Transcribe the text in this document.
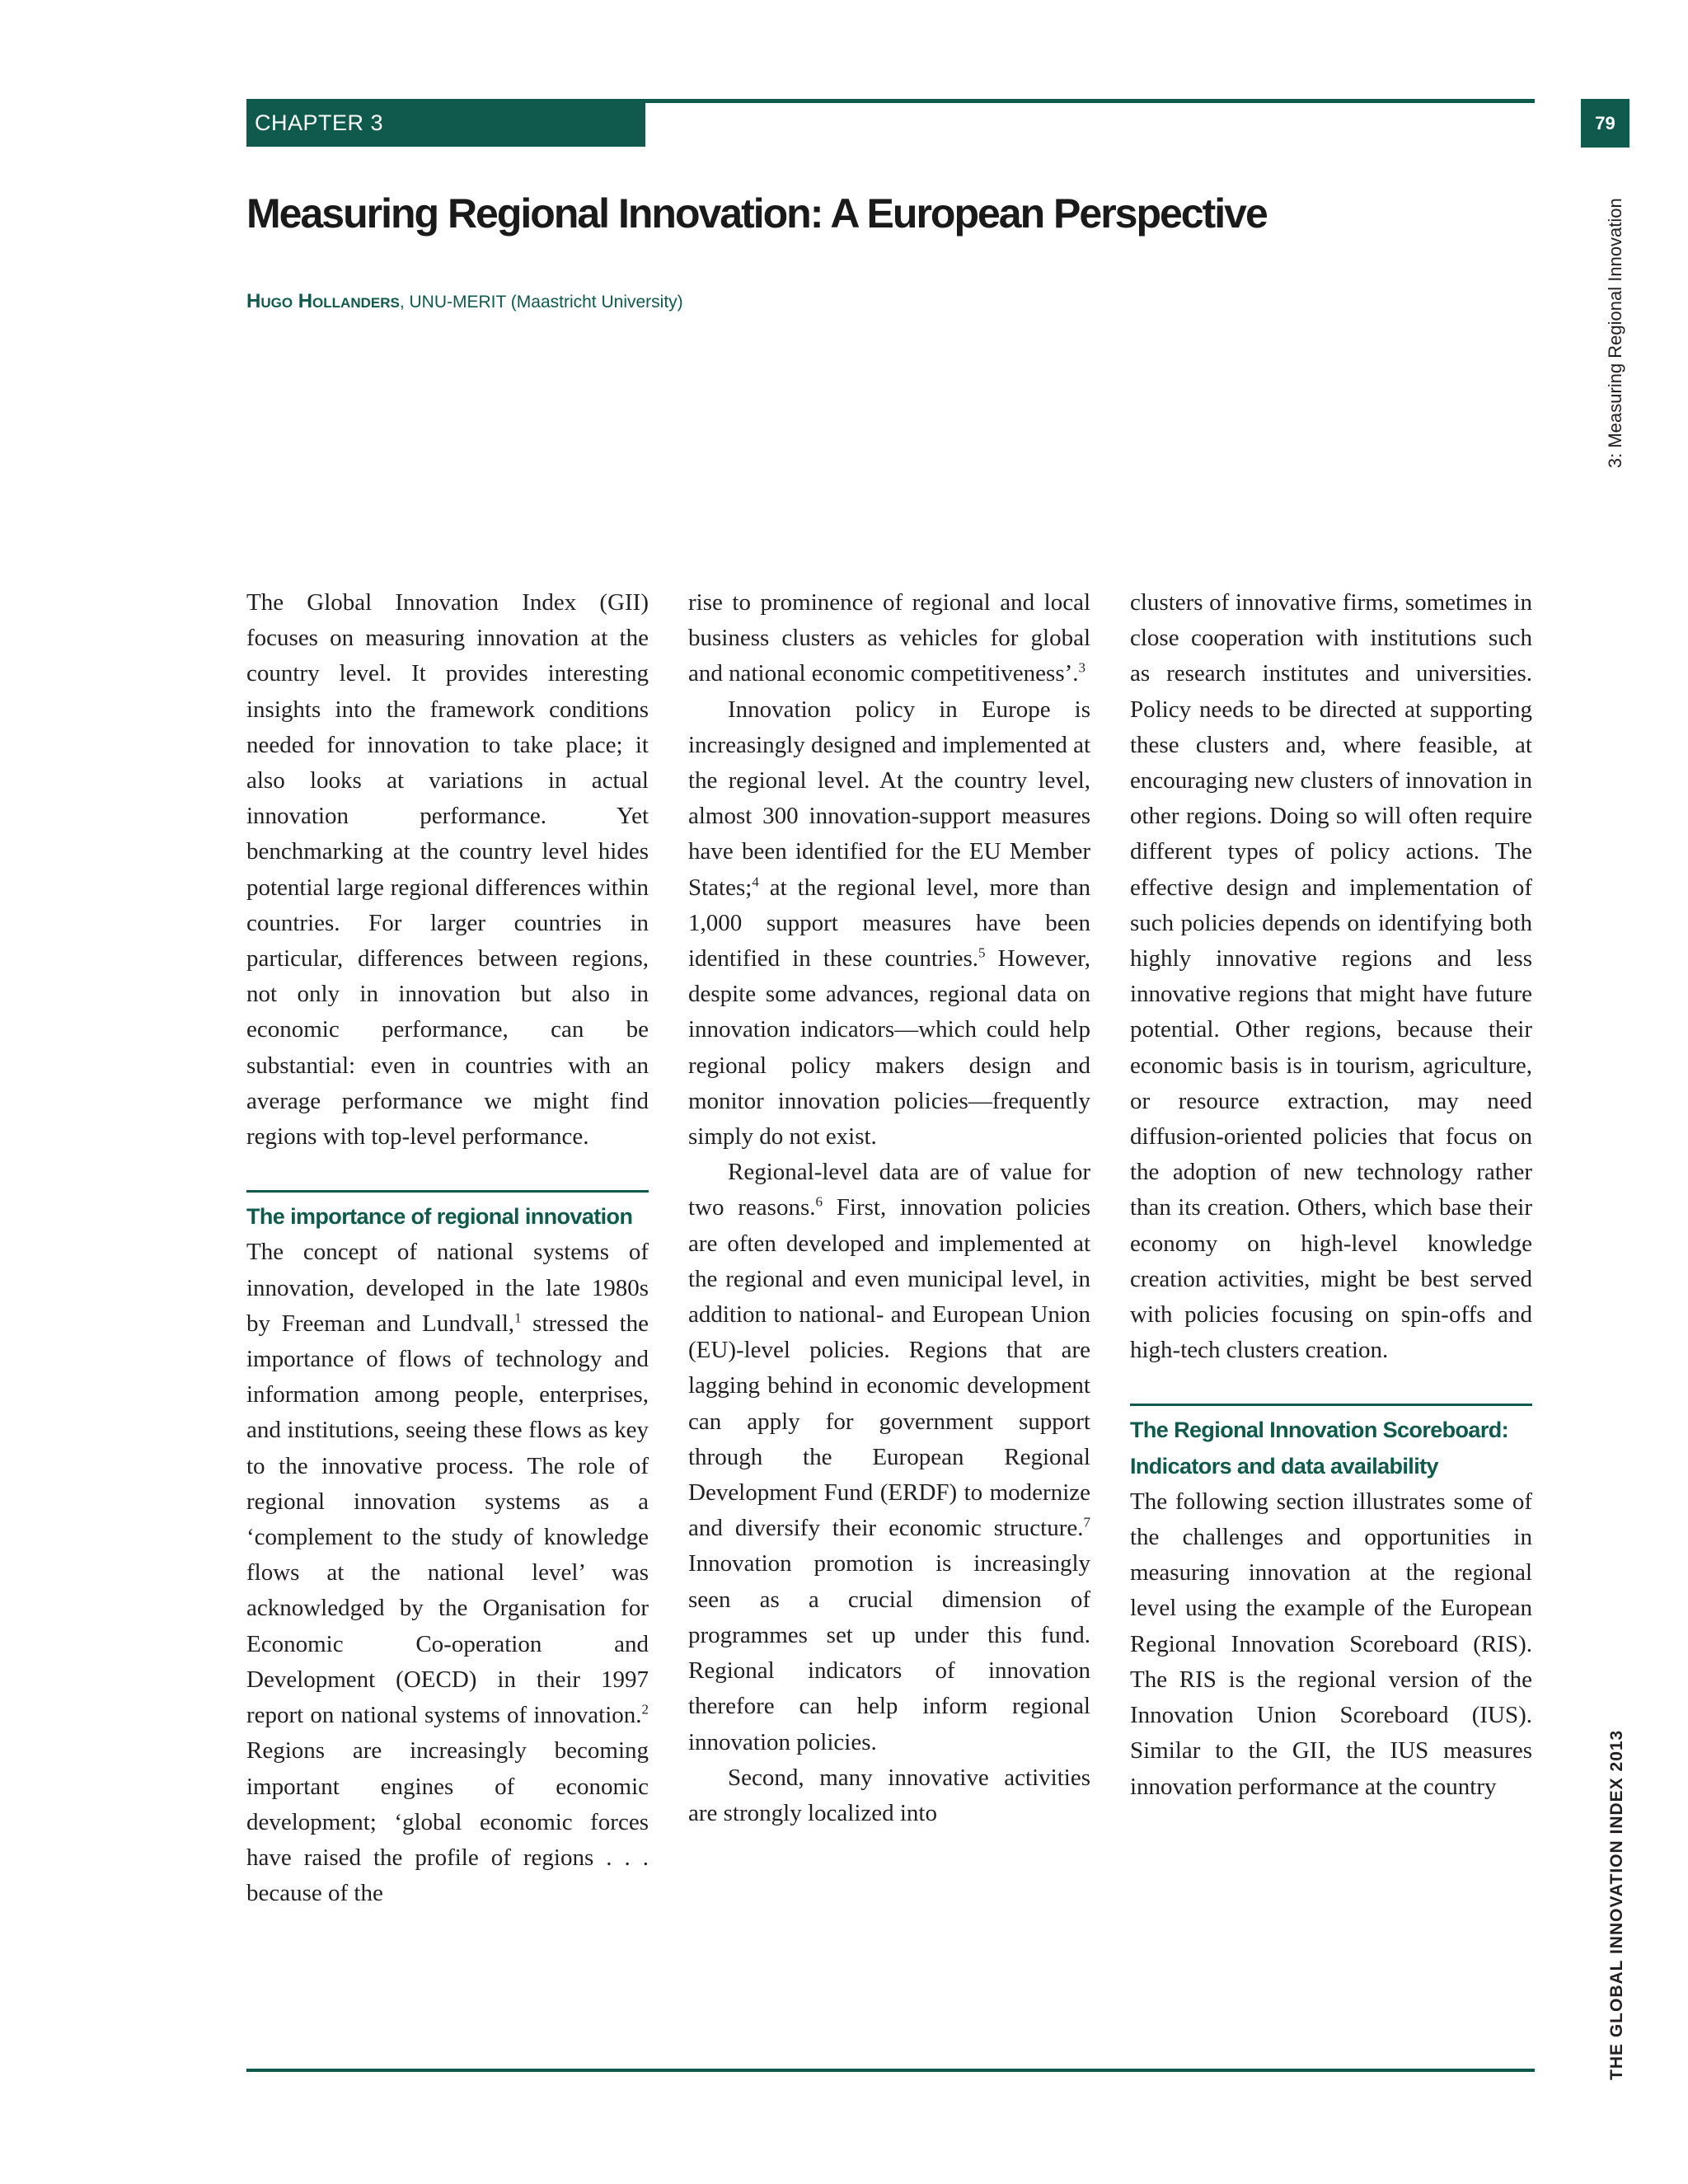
CHAPTER 3	79
3: Measuring Regional Innovation
THE GLOBAL INNOVATION INDEX 2013
Measuring Regional Innovation: A European Perspective
Hugo Hollanders, UNU-MERIT (Maastricht University)

The Global Innovation Index (GII) focuses on measuring innovation at the country level. It provides interesting insights into the framework conditions needed for innovation to take place; it also looks at variations in actual innovation performance. Yet benchmarking at the country level hides potential large regional differences within countries. For larger countries in particular, differences between regions, not only in innovation but also in economic performance, can be substantial: even in countries with an average performance we might find regions with top-level performance.

The importance of regional innovation

The concept of national systems of innovation, developed in the late 1980s by Freeman and Lundvall,$^1$ stressed the importance of flows of technology and information among people, enterprises, and institutions, seeing these flows as key to the innovative process. The role of regional innovation systems as a ‘complement to the study of knowledge flows at the national level’ was acknowledged by the Organisation for Economic Co-operation and Development (OECD) in their 1997 report on national systems of innovation.$^2$ Regions are increasingly becoming important engines of economic development; ‘global economic forces have raised the profile of regions . . . because of the

rise to prominence of regional and local business clusters as vehicles for global and national economic competitiveness’.$^3$

Innovation policy in Europe is increasingly designed and implemented at the regional level. At the country level, almost 300 innovation-support measures have been identified for the EU Member States;$^4$ at the regional level, more than 1,000 support measures have been identified in these countries.$^5$ However, despite some advances, regional data on innovation indicators—which could help regional policy makers design and monitor innovation policies—frequently simply do not exist.

Regional-level data are of value for two reasons.$^6$ First, innovation policies are often developed and implemented at the regional and even municipal level, in addition to national- and European Union (EU)-level policies. Regions that are lagging behind in economic development can apply for government support through the European Regional Development Fund (ERDF) to modernize and diversify their economic structure.$^7$ Innovation promotion is increasingly seen as a crucial dimension of programmes set up under this fund. Regional indicators of innovation therefore can help inform regional innovation policies.

Second, many innovative activities are strongly localized into

clusters of innovative firms, sometimes in close cooperation with institutions such as research institutes and universities. Policy needs to be directed at supporting these clusters and, where feasible, at encouraging new clusters of innovation in other regions. Doing so will often require different types of policy actions. The effective design and implementation of such policies depends on identifying both highly innovative regions and less innovative regions that might have future potential. Other regions, because their economic basis is in tourism, agriculture, or resource extraction, may need diffusion-oriented policies that focus on the adoption of new technology rather than its creation. Others, which base their economy on high-level knowledge creation activities, might be best served with policies focusing on spin-offs and high-tech clusters creation.

The Regional Innovation Scoreboard:
Indicators and data availability

The following section illustrates some of the challenges and opportunities in measuring innovation at the regional level using the example of the European Regional Innovation Scoreboard (RIS). The RIS is the regional version of the Innovation Union Scoreboard (IUS). Similar to the GII, the IUS measures innovation performance at the country
